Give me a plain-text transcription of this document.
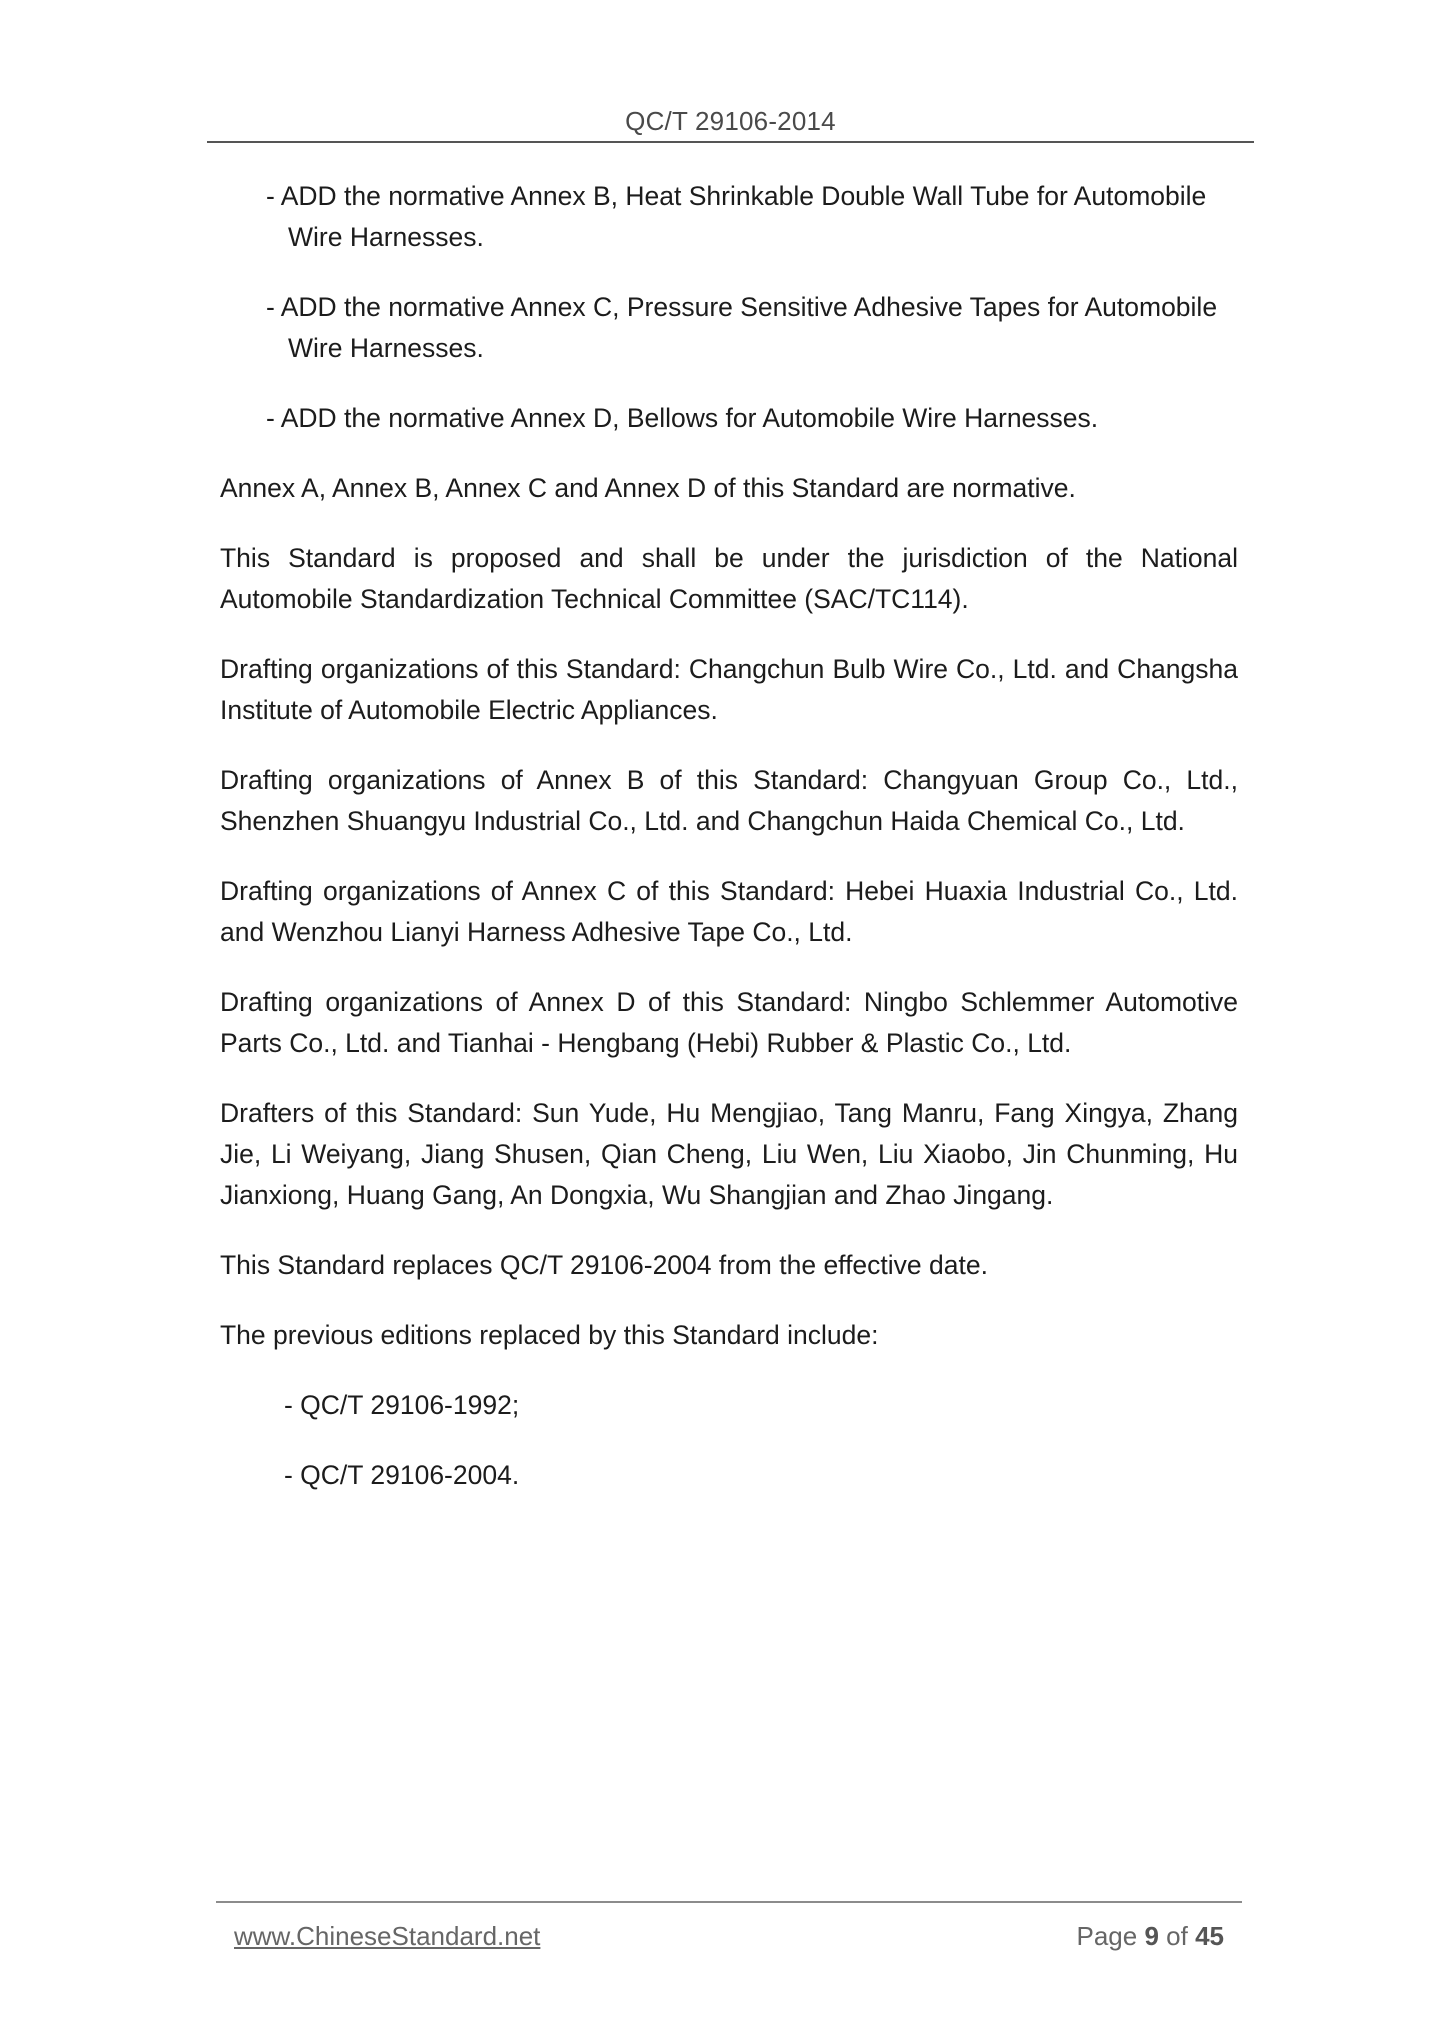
QC/T 29106-2014

- ADD the normative Annex B, Heat Shrinkable Double Wall Tube for Automobile Wire Harnesses.

- ADD the normative Annex C, Pressure Sensitive Adhesive Tapes for Automobile Wire Harnesses.

- ADD the normative Annex D, Bellows for Automobile Wire Harnesses.

Annex A, Annex B, Annex C and Annex D of this Standard are normative.

This Standard is proposed and shall be under the jurisdiction of the National Automobile Standardization Technical Committee (SAC/TC114).

Drafting organizations of this Standard: Changchun Bulb Wire Co., Ltd. and Changsha Institute of Automobile Electric Appliances.

Drafting organizations of Annex B of this Standard: Changyuan Group Co., Ltd., Shenzhen Shuangyu Industrial Co., Ltd. and Changchun Haida Chemical Co., Ltd.

Drafting organizations of Annex C of this Standard: Hebei Huaxia Industrial Co., Ltd. and Wenzhou Lianyi Harness Adhesive Tape Co., Ltd.

Drafting organizations of Annex D of this Standard: Ningbo Schlemmer Automotive Parts Co., Ltd. and Tianhai - Hengbang (Hebi) Rubber & Plastic Co., Ltd.

Drafters of this Standard: Sun Yude, Hu Mengjiao, Tang Manru, Fang Xingya, Zhang Jie, Li Weiyang, Jiang Shusen, Qian Cheng, Liu Wen, Liu Xiaobo, Jin Chunming, Hu Jianxiong, Huang Gang, An Dongxia, Wu Shangjian and Zhao Jingang.

This Standard replaces QC/T 29106-2004 from the effective date.

The previous editions replaced by this Standard include:

- QC/T 29106-1992;

- QC/T 29106-2004.

www.ChineseStandard.net	Page 9 of 45
